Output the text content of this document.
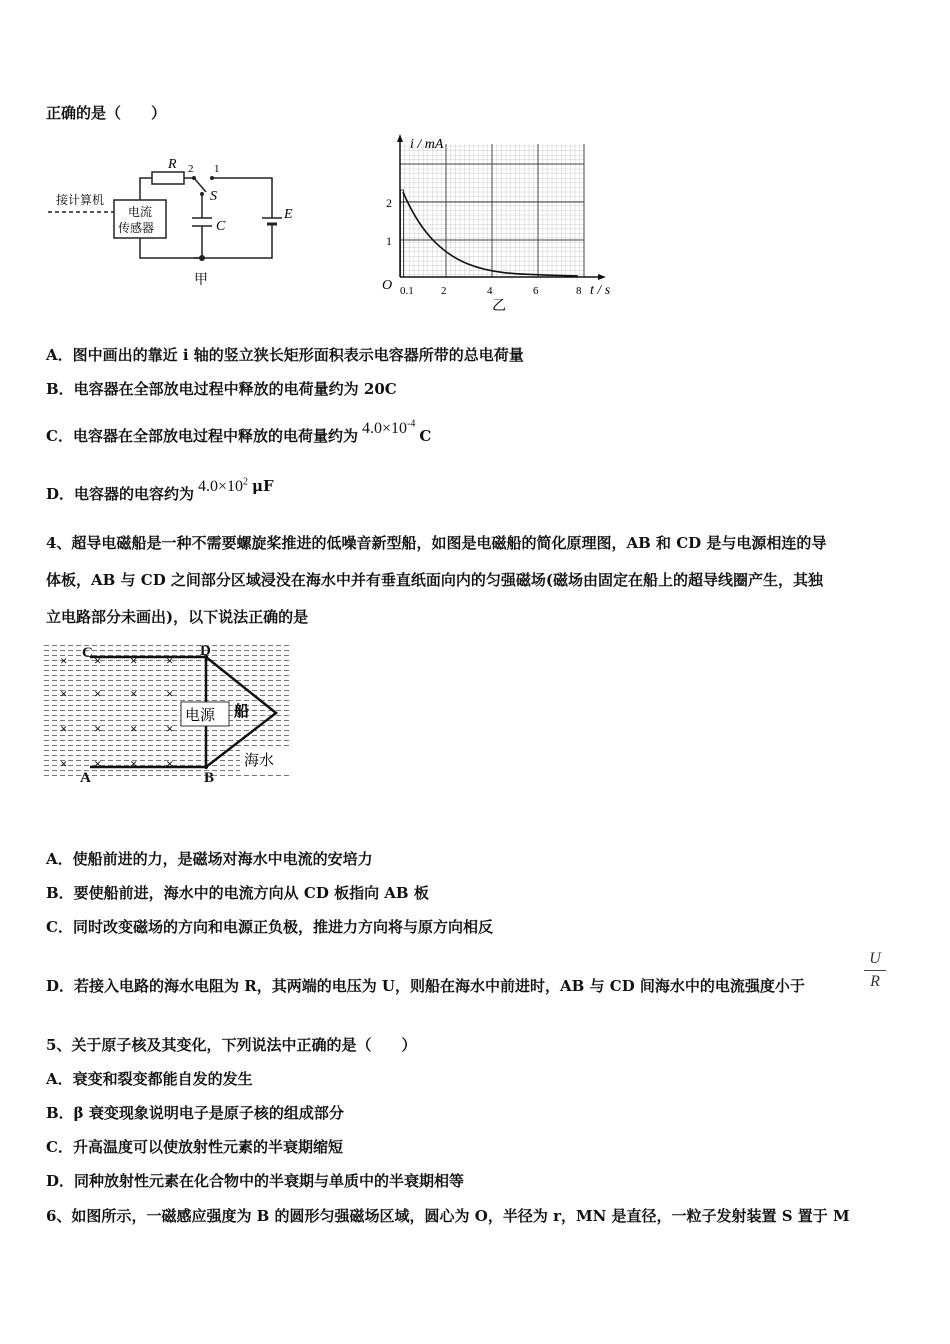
正确的是（　　）
接计算机
电流
传感器
R 2 1
S
C
E
甲
i / mA
2
1
O 0.1 2	4	6	8 t / s
乙
A．图中画出的靠近 i 轴的竖立狭长矩形面积表示电容器所带的总电荷量
B．电容器在全部放电过程中释放的电荷量约为 20C
C．电容器在全部放电过程中释放的电荷量约为 $4.0\times 10^{-4}C$
D．电容器的电容约为 $4.0\times 10^2$ μF
4、超导电磁船是一种不需要螺旋桨推进的低噪音新型船，如图是电磁船的简化原理图，AB 和 CD 是与电源相连的导
体板，AB 与 CD 之间部分区域浸没在海水中并有垂直纸面向内的匀强磁场(磁场由固定在船上的超导线圈产生，其独
立电路部分未画出)，以下说法正确的是
电源 船
海水
× × × ×
× × × ×
× × × ×
× × × ×
C	D
A	B
A．使船前进的力，是磁场对海水中电流的安培力
B．要使船前进，海水中的电流方向从 CD 板指向 AB 板
C．同时改变磁场的方向和电源正负极，推进力方向将与原方向相反
D．若接入电路的海水电阻为 R，其两端的电压为 U，则船在海水中前进时，AB 与 CD 间海水中的电流强度小于	$\frac{U}{R}$
5、关于原子核及其变化，下列说法中正确的是（　　）
A．衰变和裂变都能自发的发生
B．β 衰变现象说明电子是原子核的组成部分
C．升高温度可以使放射性元素的半衰期缩短
D．同种放射性元素在化合物中的半衰期与单质中的半衰期相等
6、如图所示，一磁感应强度为 B 的圆形匀强磁场区域，圆心为 O，半径为 r，MN 是直径，一粒子发射装置 S 置于 M
